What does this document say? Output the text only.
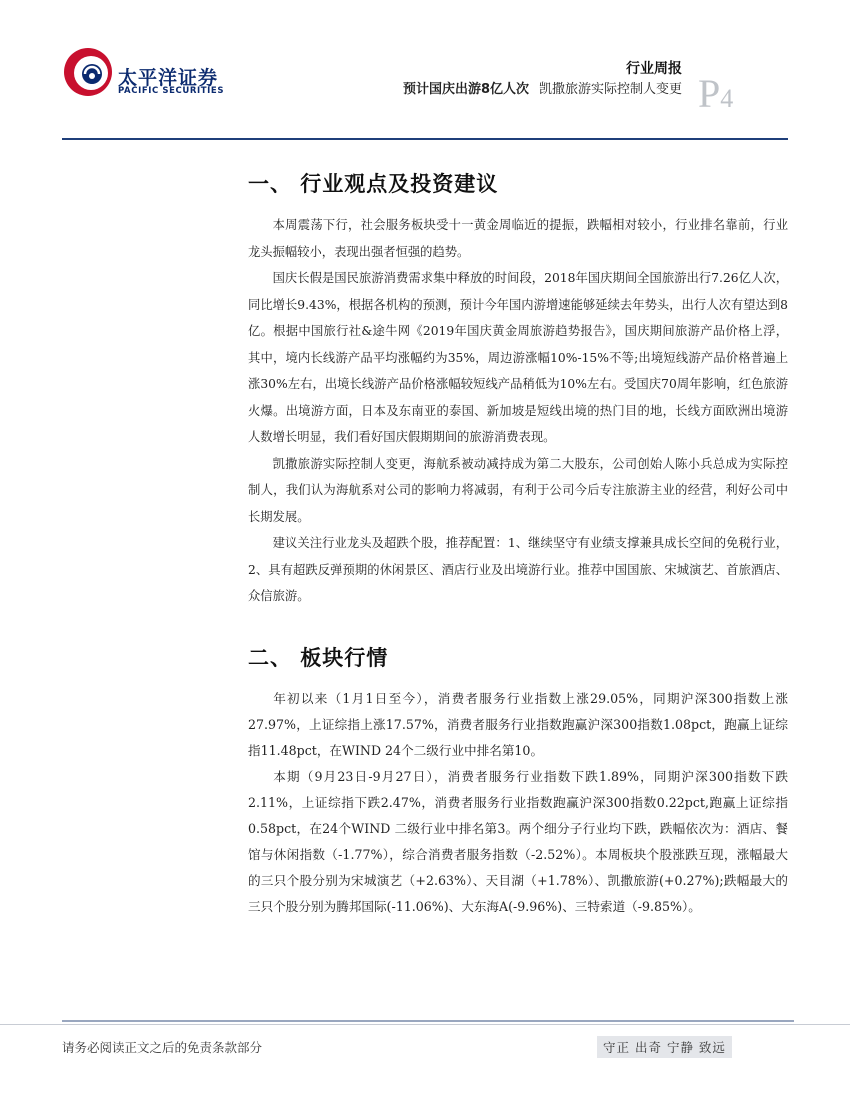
太平洋证券
PACIFIC SECURITIES
行业周报
预计国庆出游8亿人次 凯撒旅游实际控制人变更 P4
一、 行业观点及投资建议

本周震荡下行，社会服务板块受十一黄金周临近的提振，跌幅相对较小，行业排名靠前，行业龙头振幅较小，表现出强者恒强的趋势。

国庆长假是国民旅游消费需求集中释放的时间段，2018年国庆期间全国旅游出行7.26亿人次，同比增长9.43%，根据各机构的预测，预计今年国内游增速能够延续去年势头，出行人次有望达到8亿。根据中国旅行社&途牛网《2019年国庆黄金周旅游趋势报告》，国庆期间旅游产品价格上浮，其中，境内长线游产品平均涨幅约为35%，周边游涨幅10%-15%不等;出境短线游产品价格普遍上涨30%左右，出境长线游产品价格涨幅较短线产品稍低为10%左右。受国庆70周年影响，红色旅游火爆。出境游方面，日本及东南亚的泰国、新加坡是短线出境的热门目的地，长线方面欧洲出境游人数增长明显，我们看好国庆假期期间的旅游消费表现。

凯撒旅游实际控制人变更，海航系被动减持成为第二大股东，公司创始人陈小兵总成为实际控制人，我们认为海航系对公司的影响力将减弱，有利于公司今后专注旅游主业的经营，利好公司中长期发展。

建议关注行业龙头及超跌个股，推荐配置：1、继续坚守有业绩支撑兼具成长空间的免税行业，2、具有超跌反弹预期的休闲景区、酒店行业及出境游行业。推荐中国国旅、宋城演艺、首旅酒店、众信旅游。

二、 板块行情

年初以来（1月1日至今），消费者服务行业指数上涨29.05%，同期沪深300指数上涨27.97%，上证综指上涨17.57%，消费者服务行业指数跑赢沪深300指数1.08pct，跑赢上证综指11.48pct，在WIND 24个二级行业中排名第10。

本期（9月23日-9月27日），消费者服务行业指数下跌1.89%，同期沪深300指数下跌2.11%，上证综指下跌2.47%，消费者服务行业指数跑赢沪深300指数0.22pct,跑赢上证综指0.58pct，在24个WIND 二级行业中排名第3。两个细分子行业均下跌，跌幅依次为：酒店、餐馆与休闲指数（-1.77%），综合消费者服务指数（-2.52%）。本周板块个股涨跌互现，涨幅最大的三只个股分别为宋城演艺（+2.63%）、天目湖（+1.78%）、凯撒旅游(+0.27%);跌幅最大的三只个股分别为腾邦国际(-11.06%)、大东海A(-9.96%)、三特索道（-9.85%）。

请务必阅读正文之后的免责条款部分	守正 出奇 宁静 致远
